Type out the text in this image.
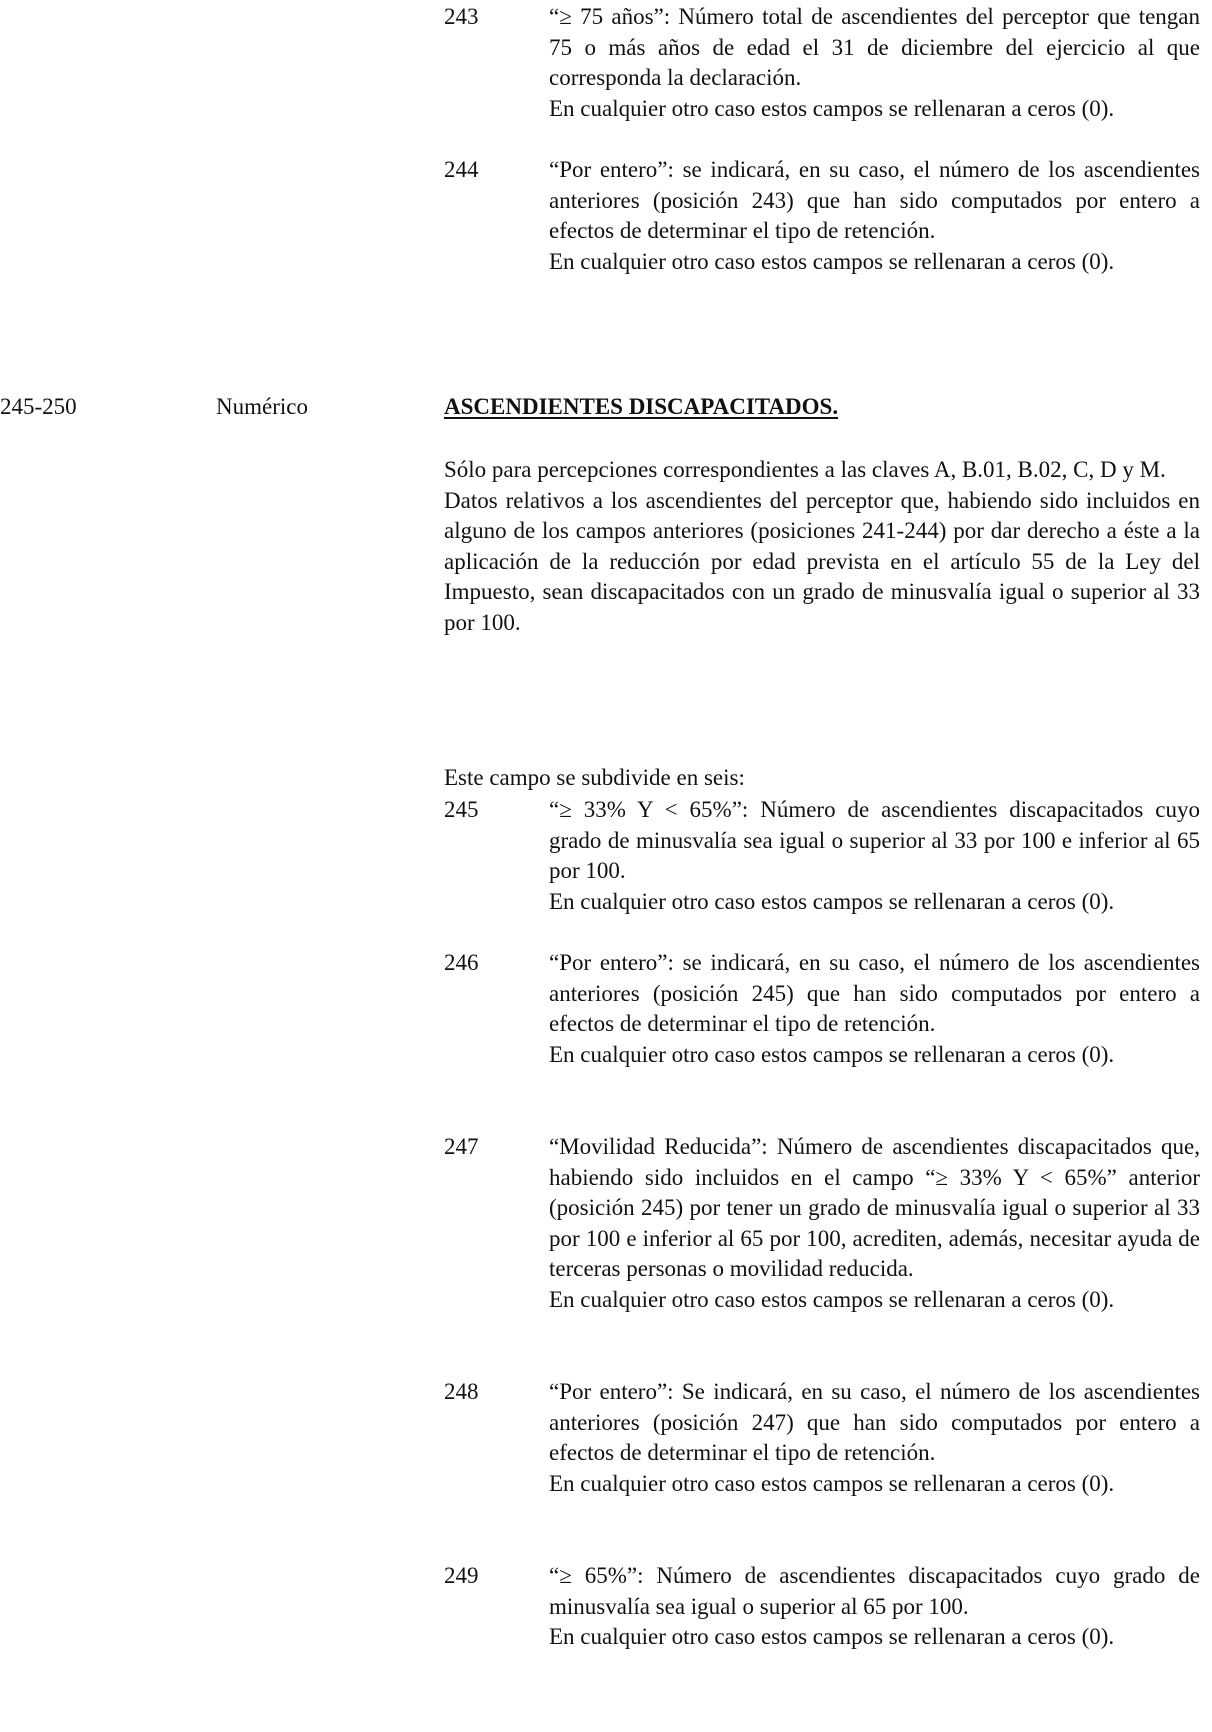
243	“≥ 75 años”: Número total de ascendientes del perceptor que tengan 75 o más años de edad el 31 de diciembre del ejercicio al que corresponda la declaración.

En cualquier otro caso estos campos se rellenaran a ceros (0).

244	“Por entero”: se indicará, en su caso, el número de los ascendientes anteriores (posición 243) que han sido computados por entero a efectos de determinar el tipo de retención.

En cualquier otro caso estos campos se rellenaran a ceros (0).

245-250	Numérico	ASCENDIENTES DISCAPACITADOS.

Sólo para percepciones correspondientes a las claves A, B.01, B.02, C, D y M.

Datos relativos a los ascendientes del perceptor que, habiendo sido incluidos en alguno de los campos anteriores (posiciones 241-244) por dar derecho a éste a la aplicación de la reducción por edad prevista en el artículo 55 de la Ley del Impuesto, sean discapacitados con un grado de minusvalía igual o superior al 33 por 100.

Este campo se subdivide en seis:

245	“≥ 33% Y < 65%”: Número de ascendientes discapacitados cuyo grado de minusvalía sea igual o superior al 33 por 100 e inferior al 65 por 100.

En cualquier otro caso estos campos se rellenaran a ceros (0).

246	“Por entero”: se indicará, en su caso, el número de los ascendientes anteriores (posición 245) que han sido computados por entero a efectos de determinar el tipo de retención.

En cualquier otro caso estos campos se rellenaran a ceros (0).

247	“Movilidad Reducida”: Número de ascendientes discapacitados que, habiendo sido incluidos en el campo “≥ 33% Y < 65%” anterior (posición 245) por tener un grado de minusvalía igual o superior al 33 por 100 e inferior al 65 por 100, acrediten, además, necesitar ayuda de terceras personas o movilidad reducida.

En cualquier otro caso estos campos se rellenaran a ceros (0).

248	“Por entero”: Se indicará, en su caso, el número de los ascendientes anteriores (posición 247) que han sido computados por entero a efectos de determinar el tipo de retención.

En cualquier otro caso estos campos se rellenaran a ceros (0).

249	“≥ 65%”: Número de ascendientes discapacitados cuyo grado de minusvalía sea igual o superior al 65 por 100.

En cualquier otro caso estos campos se rellenaran a ceros (0).
